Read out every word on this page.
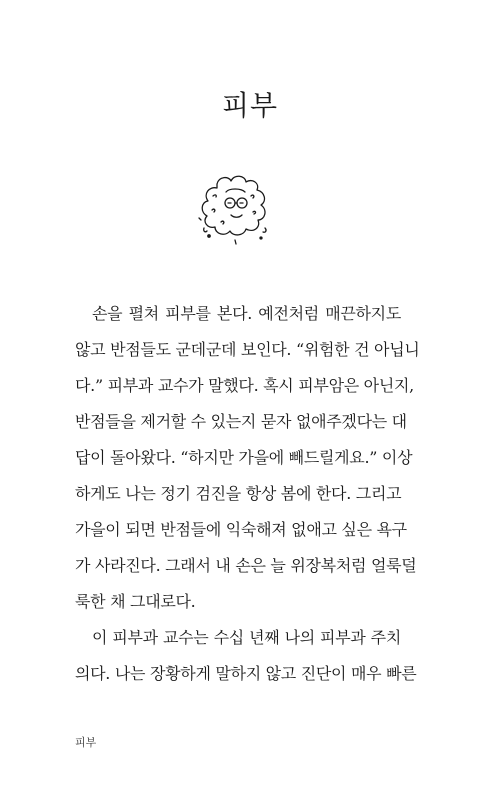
피부
손을 펼쳐 피부를 본다. 예전처럼 매끈하지도
않고 반점들도 군데군데 보인다. “위험한 건 아닙니
다.” 피부과 교수가 말했다. 혹시 피부암은 아닌지,
반점들을 제거할 수 있는지 묻자 없애주겠다는 대
답이 돌아왔다. “하지만 가을에 빼드릴게요.” 이상
하게도 나는 정기 검진을 항상 봄에 한다. 그리고
가을이 되면 반점들에 익숙해져 없애고 싶은 욕구
가 사라진다. 그래서 내 손은 늘 위장복처럼 얼룩덜
룩한 채 그대로다.
이 피부과 교수는 수십 년째 나의 피부과 주치
의다. 나는 장황하게 말하지 않고 진단이 매우 빠른
피부
